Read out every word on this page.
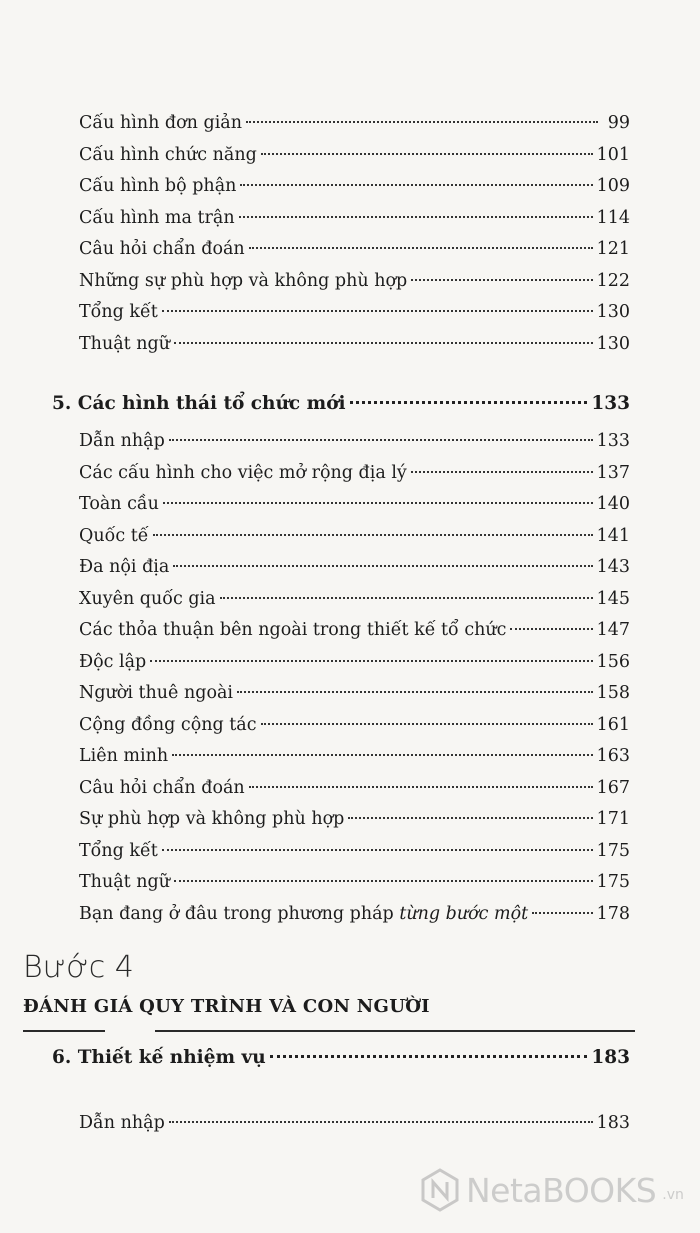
Cấu hình đơn giản	99
Cấu hình chức năng	101
Cấu hình bộ phận	109
Cấu hình ma trận	114
Câu hỏi chẩn đoán	121
Những sự phù hợp và không phù hợp	122
Tổng kết	130
Thuật ngữ	130
5. Các hình thái tổ chức mới	133
Dẫn nhập	133
Các cấu hình cho việc mở rộng địa lý	137
Toàn cầu	140
Quốc tế	141
Đa nội địa	143
Xuyên quốc gia	145
Các thỏa thuận bên ngoài trong thiết kế tổ chức	147
Độc lập	156
Người thuê ngoài	158
Cộng đồng cộng tác	161
Liên minh	163
Câu hỏi chẩn đoán	167
Sự phù hợp và không phù hợp	171
Tổng kết	175
Thuật ngữ	175
Bạn đang ở đâu trong phương pháp từng bước một	178
Bước 4
ĐÁNH GIÁ QUY TRÌNH VÀ CON NGƯỜI
6. Thiết kế nhiệm vụ	183
Dẫn nhập	183
NetaBOOKS .vn
